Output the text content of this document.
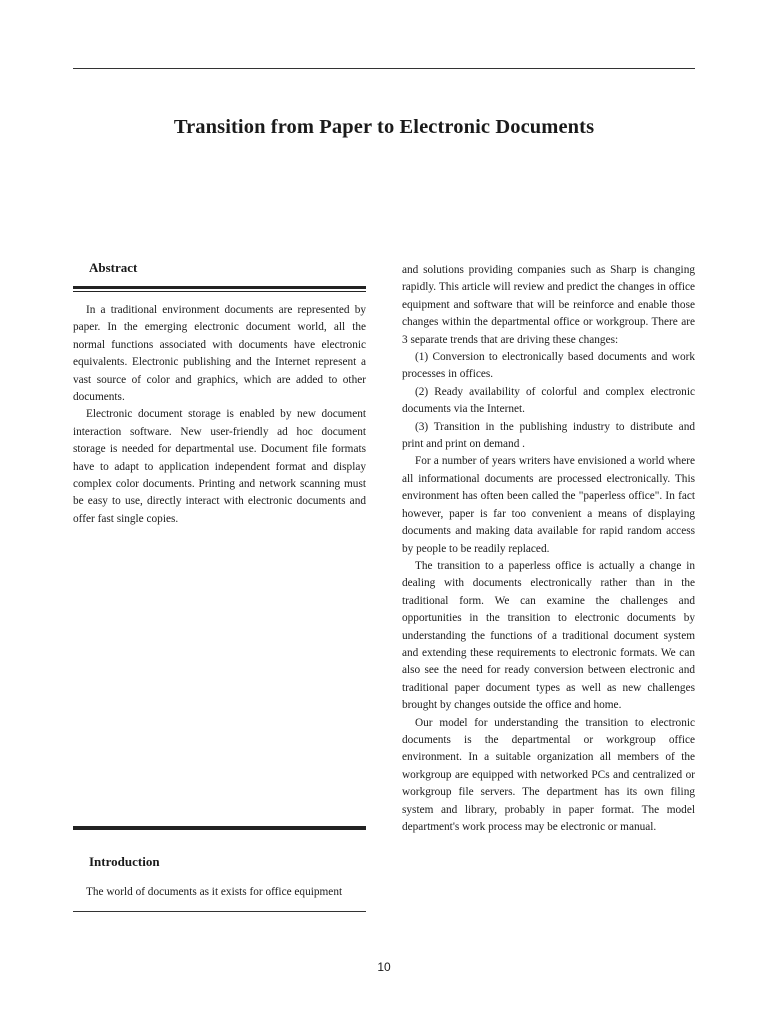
Transition from Paper to Electronic Documents
Abstract

In a traditional environment documents are represented by paper. In the emerging electronic document world, all the normal functions associated with documents have electronic equivalents. Electronic publishing and the Internet represent a vast source of color and graphics, which are added to other documents.

Electronic document storage is enabled by new document interaction software. New user-friendly ad hoc document storage is needed for departmental use. Document file formats have to adapt to application independent format and display complex color documents. Printing and network scanning must be easy to use, directly interact with electronic documents and offer fast single copies.

Introduction
The world of documents as it exists for office equipment

and solutions providing companies such as Sharp is changing rapidly. This article will review and predict the changes in office equipment and software that will be reinforce and enable those changes within the departmental office or workgroup. There are 3 separate trends that are driving these changes:

(1) Conversion to electronically based documents and work processes in offices.

(2) Ready availability of colorful and complex electronic documents via the Internet.

(3) Transition in the publishing industry to distribute and print and print on demand .

For a number of years writers have envisioned a world where all informational documents are processed electronically. This environment has often been called the "paperless office". In fact however, paper is far too convenient a means of displaying documents and making data available for rapid random access by people to be readily replaced.

The transition to a paperless office is actually a change in dealing with documents electronically rather than in the traditional form. We can examine the challenges and opportunities in the transition to electronic documents by understanding the functions of a traditional document system and extending these requirements to electronic formats. We can also see the need for ready conversion between electronic and traditional paper document types as well as new challenges brought by changes outside the office and home.

Our model for understanding the transition to electronic documents is the departmental or workgroup office environment. In a suitable organization all members of the workgroup are equipped with networked PCs and centralized or workgroup file servers. The department has its own filing system and library, probably in paper format. The model department's work process may be electronic or manual.

10
